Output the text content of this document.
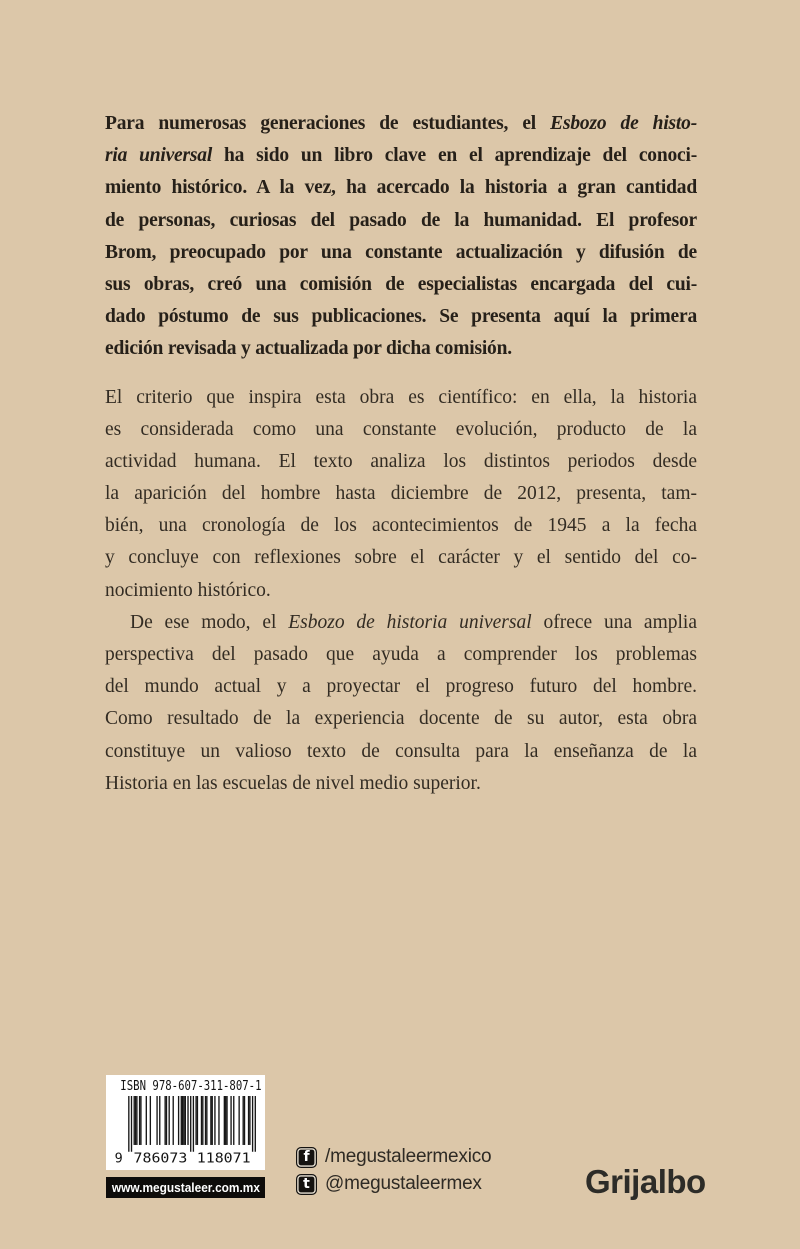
Para numerosas generaciones de estudiantes, el Esbozo de histo-
ria universal ha sido un libro clave en el aprendizaje del conoci-
miento histórico. A la vez, ha acercado la historia a gran cantidad
de personas, curiosas del pasado de la humanidad. El profesor
Brom, preocupado por una constante actualización y difusión de
sus obras, creó una comisión de especialistas encargada del cui-
dado póstumo de sus publicaciones. Se presenta aquí la primera
edición revisada y actualizada por dicha comisión.
El criterio que inspira esta obra es científico: en ella, la historia
es considerada como una constante evolución, producto de la
actividad humana. El texto analiza los distintos periodos desde
la aparición del hombre hasta diciembre de 2012, presenta, tam-
bién, una cronología de los acontecimientos de 1945 a la fecha
y concluye con reflexiones sobre el carácter y el sentido del co-
nocimiento histórico.
De ese modo, el Esbozo de historia universal ofrece una amplia
perspectiva del pasado que ayuda a comprender los problemas
del mundo actual y a proyectar el progreso futuro del hombre.
Como resultado de la experiencia docente de su autor, esta obra
constituye un valioso texto de consulta para la enseñanza de la
Historia en las escuelas de nivel medio superior.
ISBN 978-607-311-807-1
9 786073 118071
www.megustaleer.com.mx
f /megustaleermexico
t @megustaleermex	Grijalbo
